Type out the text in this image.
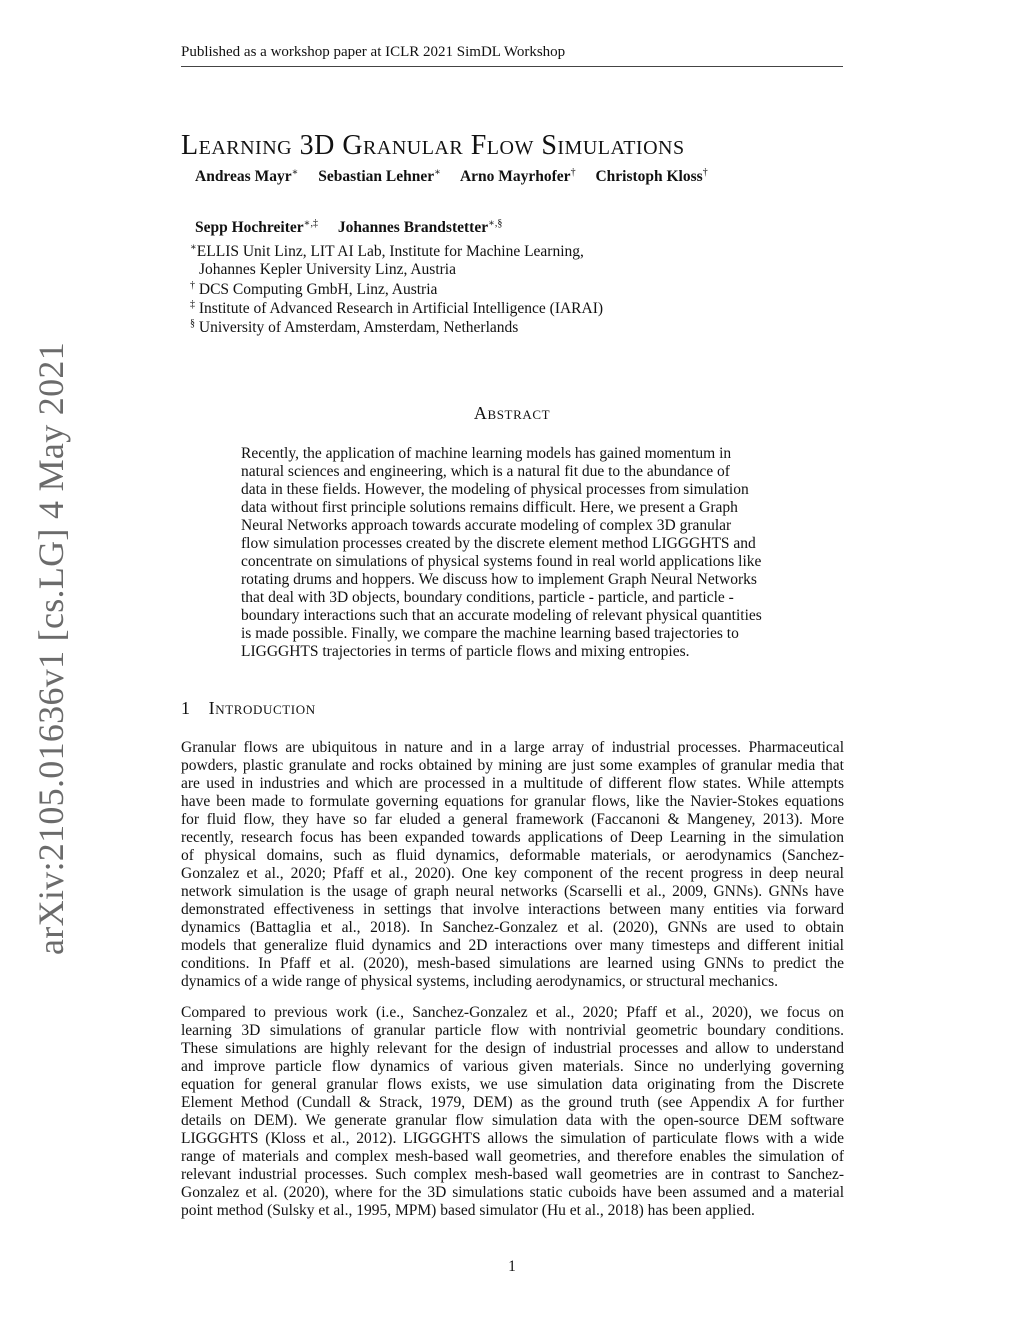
Published as a workshop paper at ICLR 2021 SimDL Workshop
arXiv:2105.01636v1 [cs.LG] 4 May 2021
Learning 3D Granular Flow Simulations
Andreas Mayr∗ Sebastian Lehner∗ Arno Mayrhofer† Christoph Kloss†
Sepp Hochreiter∗,‡ Johannes Brandstetter∗,§
∗ELLIS Unit Linz, LIT AI Lab, Institute for Machine Learning,
Johannes Kepler University Linz, Austria
† DCS Computing GmbH, Linz, Austria
‡ Institute of Advanced Research in Artificial Intelligence (IARAI)
§ University of Amsterdam, Amsterdam, Netherlands
Abstract
Recently, the application of machine learning models has gained momentum in
natural sciences and engineering, which is a natural fit due to the abundance of
data in these fields. However, the modeling of physical processes from simulation
data without first principle solutions remains difficult. Here, we present a Graph
Neural Networks approach towards accurate modeling of complex 3D granular
flow simulation processes created by the discrete element method LIGGGHTS and
concentrate on simulations of physical systems found in real world applications like
rotating drums and hoppers. We discuss how to implement Graph Neural Networks
that deal with 3D objects, boundary conditions, particle - particle, and particle -
boundary interactions such that an accurate modeling of relevant physical quantities
is made possible. Finally, we compare the machine learning based trajectories to
LIGGGHTS trajectories in terms of particle flows and mixing entropies.
1 Introduction
Granular flows are ubiquitous in nature and in a large array of industrial processes. Pharmaceutical
powders, plastic granulate and rocks obtained by mining are just some examples of granular media that
are used in industries and which are processed in a multitude of different flow states. While attempts
have been made to formulate governing equations for granular flows, like the Navier-Stokes equations
for fluid flow, they have so far eluded a general framework (Faccanoni & Mangeney, 2013). More
recently, research focus has been expanded towards applications of Deep Learning in the simulation
of physical domains, such as fluid dynamics, deformable materials, or aerodynamics (Sanchez-
Gonzalez et al., 2020; Pfaff et al., 2020). One key component of the recent progress in deep neural
network simulation is the usage of graph neural networks (Scarselli et al., 2009, GNNs). GNNs have
demonstrated effectiveness in settings that involve interactions between many entities via forward
dynamics (Battaglia et al., 2018). In Sanchez-Gonzalez et al. (2020), GNNs are used to obtain
models that generalize fluid dynamics and 2D interactions over many timesteps and different initial
conditions. In Pfaff et al. (2020), mesh-based simulations are learned using GNNs to predict the
dynamics of a wide range of physical systems, including aerodynamics, or structural mechanics.
Compared to previous work (i.e., Sanchez-Gonzalez et al., 2020; Pfaff et al., 2020), we focus on
learning 3D simulations of granular particle flow with nontrivial geometric boundary conditions.
These simulations are highly relevant for the design of industrial processes and allow to understand
and improve particle flow dynamics of various given materials. Since no underlying governing
equation for general granular flows exists, we use simulation data originating from the Discrete
Element Method (Cundall & Strack, 1979, DEM) as the ground truth (see Appendix A for further
details on DEM). We generate granular flow simulation data with the open-source DEM software
LIGGGHTS (Kloss et al., 2012). LIGGGHTS allows the simulation of particulate flows with a wide
range of materials and complex mesh-based wall geometries, and therefore enables the simulation of
relevant industrial processes. Such complex mesh-based wall geometries are in contrast to Sanchez-
Gonzalez et al. (2020), where for the 3D simulations static cuboids have been assumed and a material
point method (Sulsky et al., 1995, MPM) based simulator (Hu et al., 2018) has been applied.
1
